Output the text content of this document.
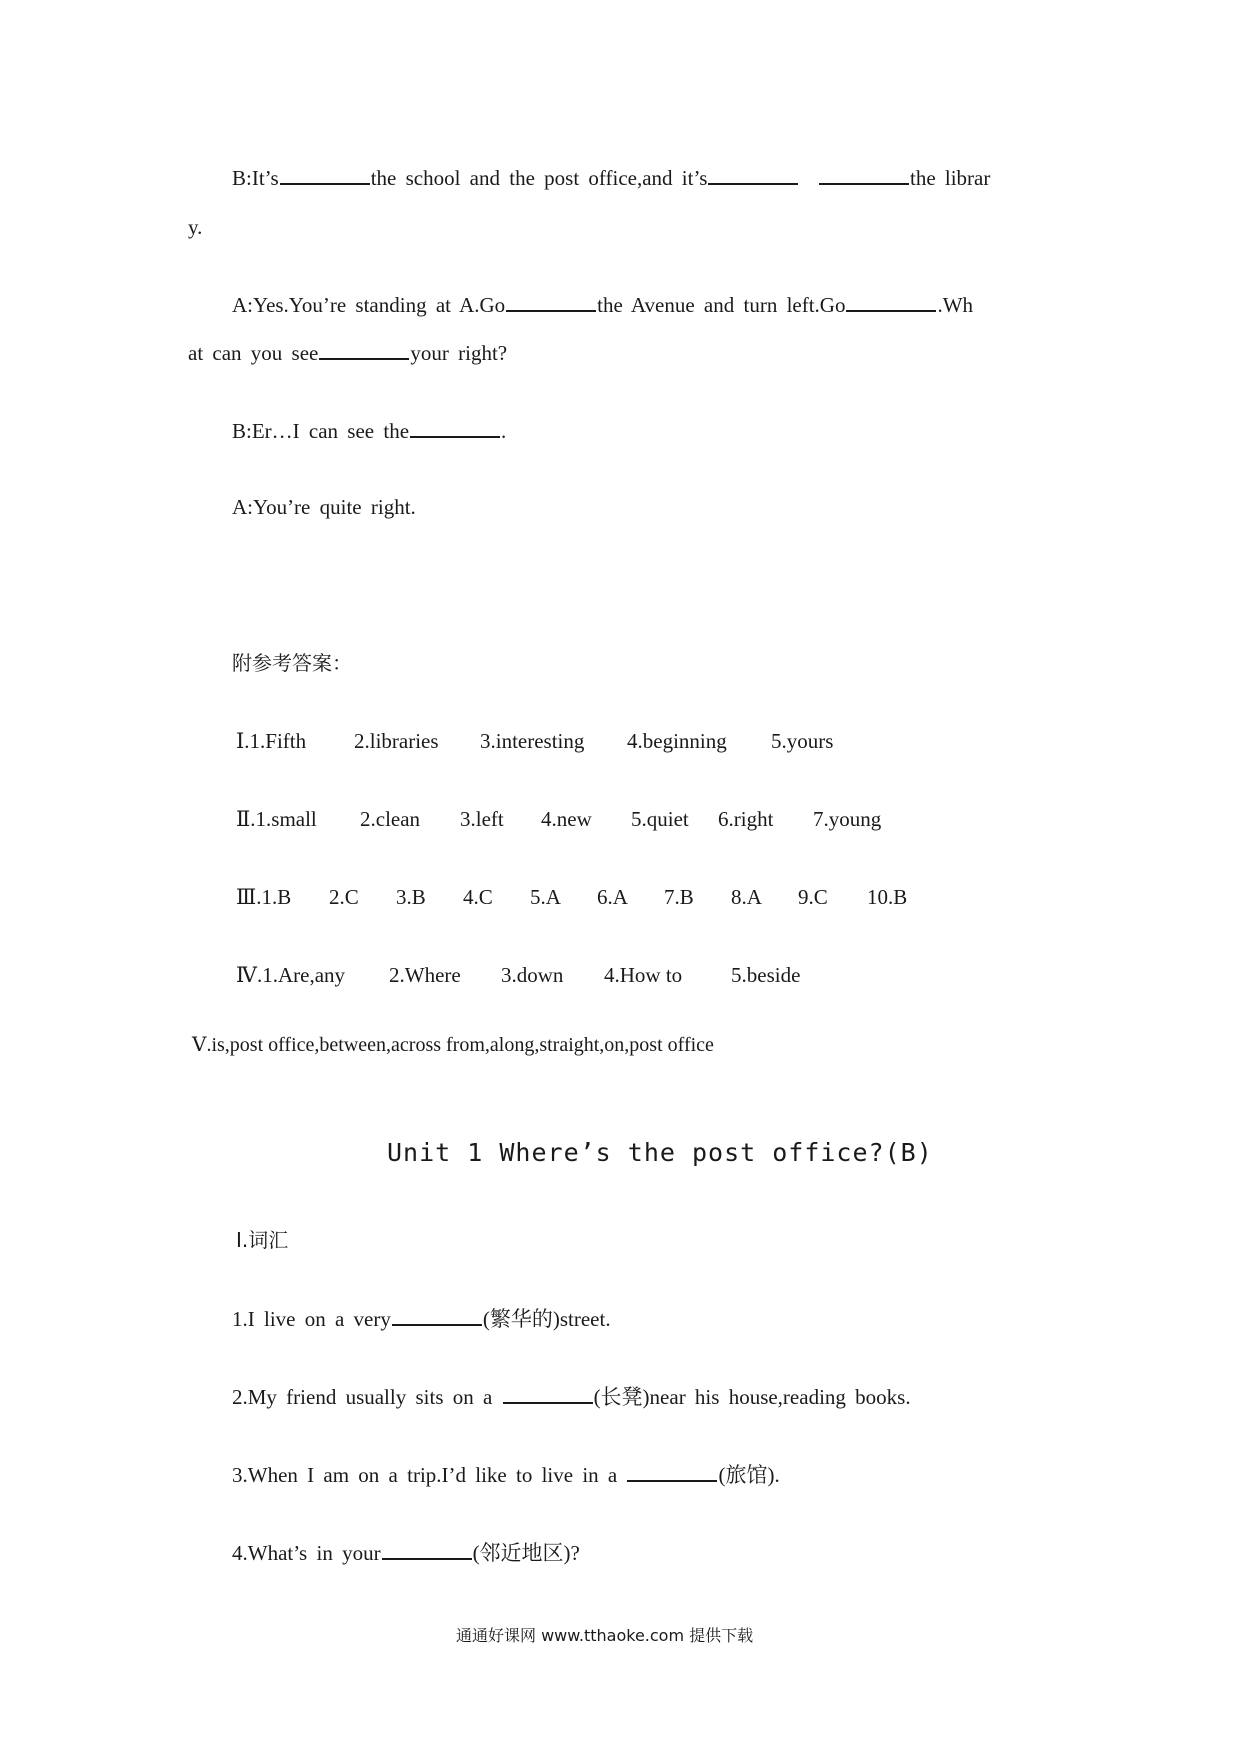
B:It’s	the school and the post office,and it’s	the librar
y.
A:Yes.You’re standing at A.Go	the Avenue and turn left.Go	.Wh
at can you see	your right?
B:Er…I can see the	.
A:You’re quite right.
附参考答案：
Ⅰ.1.Fifth 2.libraries 3.interesting 4.beginning 5.yours
Ⅱ.1.small 2.clean 3.left 4.new 5.quiet 6.right 7.young
Ⅲ.1.B 2.C 3.B 4.C 5.A 6.A 7.B 8.A 9.C 10.B
Ⅳ.1.Are,any 2.Where 3.down 4.How to 5.beside
Ⅴ.is,post office,between,across from,along,straight,on,post office
Unit 1 Where’s the post office?(B)
Ⅰ.词汇
1.I live on a very	(繁华的)street.
2.My friend usually sits on a	(长凳)near his house,reading books.
3.When I am on a trip.I’d like to live in a	(旅馆).
4.What’s in your	(邻近地区)?
通通好课网 www.tthaoke.com 提供下载
